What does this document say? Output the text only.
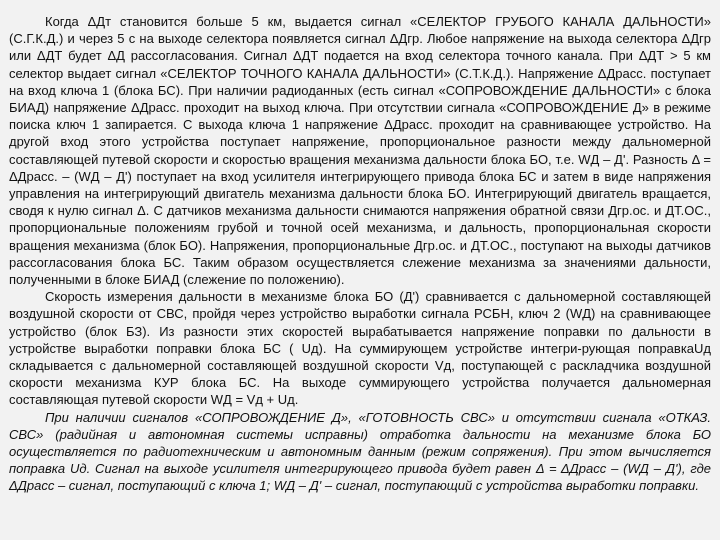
Когда ΔДт становится больше 5 км, выдается сигнал «СЕЛЕКТОР ГРУБОГО КАНАЛА ДАЛЬНОСТИ» (С.Г.К.Д.) и через 5 с на выходе селектора появляется сигнал ΔДгр. Любое напряжение на выхода селектора ΔДгр или ΔДТ будет ΔД рассогласования. Сигнал ΔДТ подается на вход селектора точного канала. При ΔДТ > 5 км селектор выдает сигнал «СЕЛЕКТОР ТОЧНОГО КАНАЛА ДАЛЬНОСТИ» (С.Т.К.Д.). Напряжение ΔДрасс. поступает на вход ключа 1 (блока БС). При наличии радиоданных (есть сигнал «СОПРОВОЖДЕНИЕ ДАЛЬНОСТИ» с блока БИАД) напряжение ΔДрасс. проходит на выход ключа. При отсутствии сигнала «СОПРОВОЖДЕНИЕ Д» в режиме поиска ключ 1 запирается. С выхода ключа 1 напряжение ΔДрасс. проходит на сравнивающее устройство. На другой вход этого устройства поступает напряжение, пропорциональное разности между дальномерной составляющей путевой скорости и скоростью вращения механизма дальности блока БО, т.е. WД – Д'. Разность Δ = ΔДрасс. – (WД – Д') поступает на вход усилителя интегрирующего привода блока БС и затем в виде напряжения управления на интегрирующий двигатель механизма дальности блока БО. Интегрирующий двигатель вращается, сводя к нулю сигнал Δ. С датчиков механизма дальности снимаются напряжения обратной связи Дгр.ос. и ДТ.ОС., пропорциональные положениям грубой и точной осей механизма, и дальность, пропорциональная скорости вращения механизма (блок БО). Напряжения, пропорциональные Дгр.ос. и ДТ.ОС., поступают на выходы датчиков рассогласования блока БС. Таким образом осуществляется слежение механизма за значениями дальности, полученными в блоке БИАД (слежение по положению).

Скорость измерения дальности в механизме блока БО (Д') сравнивается с дальномерной составляющей воздушной скорости от СВС, пройдя через устройство выработки сигнала РСБН, ключ 2 (WД) на сравнивающее устройство (блок БЗ). Из разности этих скоростей вырабатывается напряжение поправки по дальности в устройстве выработки поправки блока БС ( Uд). На суммирующем устройстве интегри-рующая поправкаUд складывается с дальномерной составляющей воздушной скорости Vд, поступающей с раскладчика воздушной скорости механизма КУР блока БС. На выходе суммирующего устройства получается дальномерная составляющая путевой скорости WД = Vд + Uд.

При наличии сигналов «СОПРОВОЖДЕНИЕ Д», «ГОТОВНОСТЬ СВС» и отсутствии сигнала «ОТКАЗ. СВС» (радийная и автономная системы исправны) отработка дальности на механизме блока БО осуществляется по радиотехническим и автономным данным (режим сопряжения). При этом вычисляется поправка Uд. Сигнал на выходе усилителя интегрирующего привода будет равен Δ = ΔДрасс – (WД – Д'), где ΔДрасс – сигнал, поступающий с ключа 1; WД – Д' – сигнал, поступающий с устройства выработки поправки.
